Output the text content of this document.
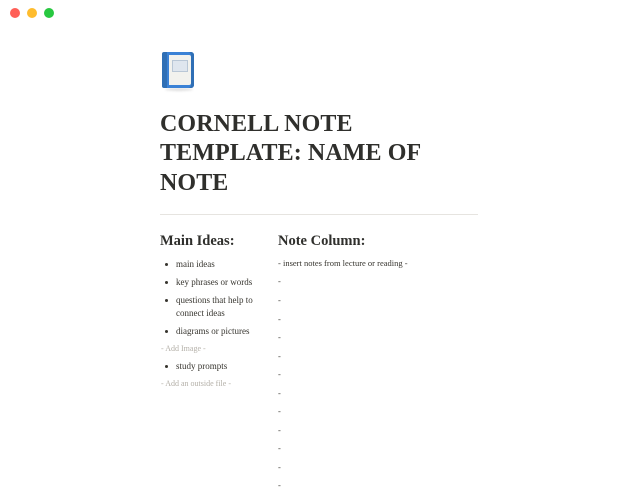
CORNELL NOTE TEMPLATE: NAME OF NOTE
Main Ideas:
main ideas
key phrases or words
questions that help to connect ideas
diagrams or pictures
- Add Image -
study prompts
- Add an outside file -
Note Column:
- insert notes from lecture or reading -
-
-
-
-
-
-
-
-
-
-
-
-
